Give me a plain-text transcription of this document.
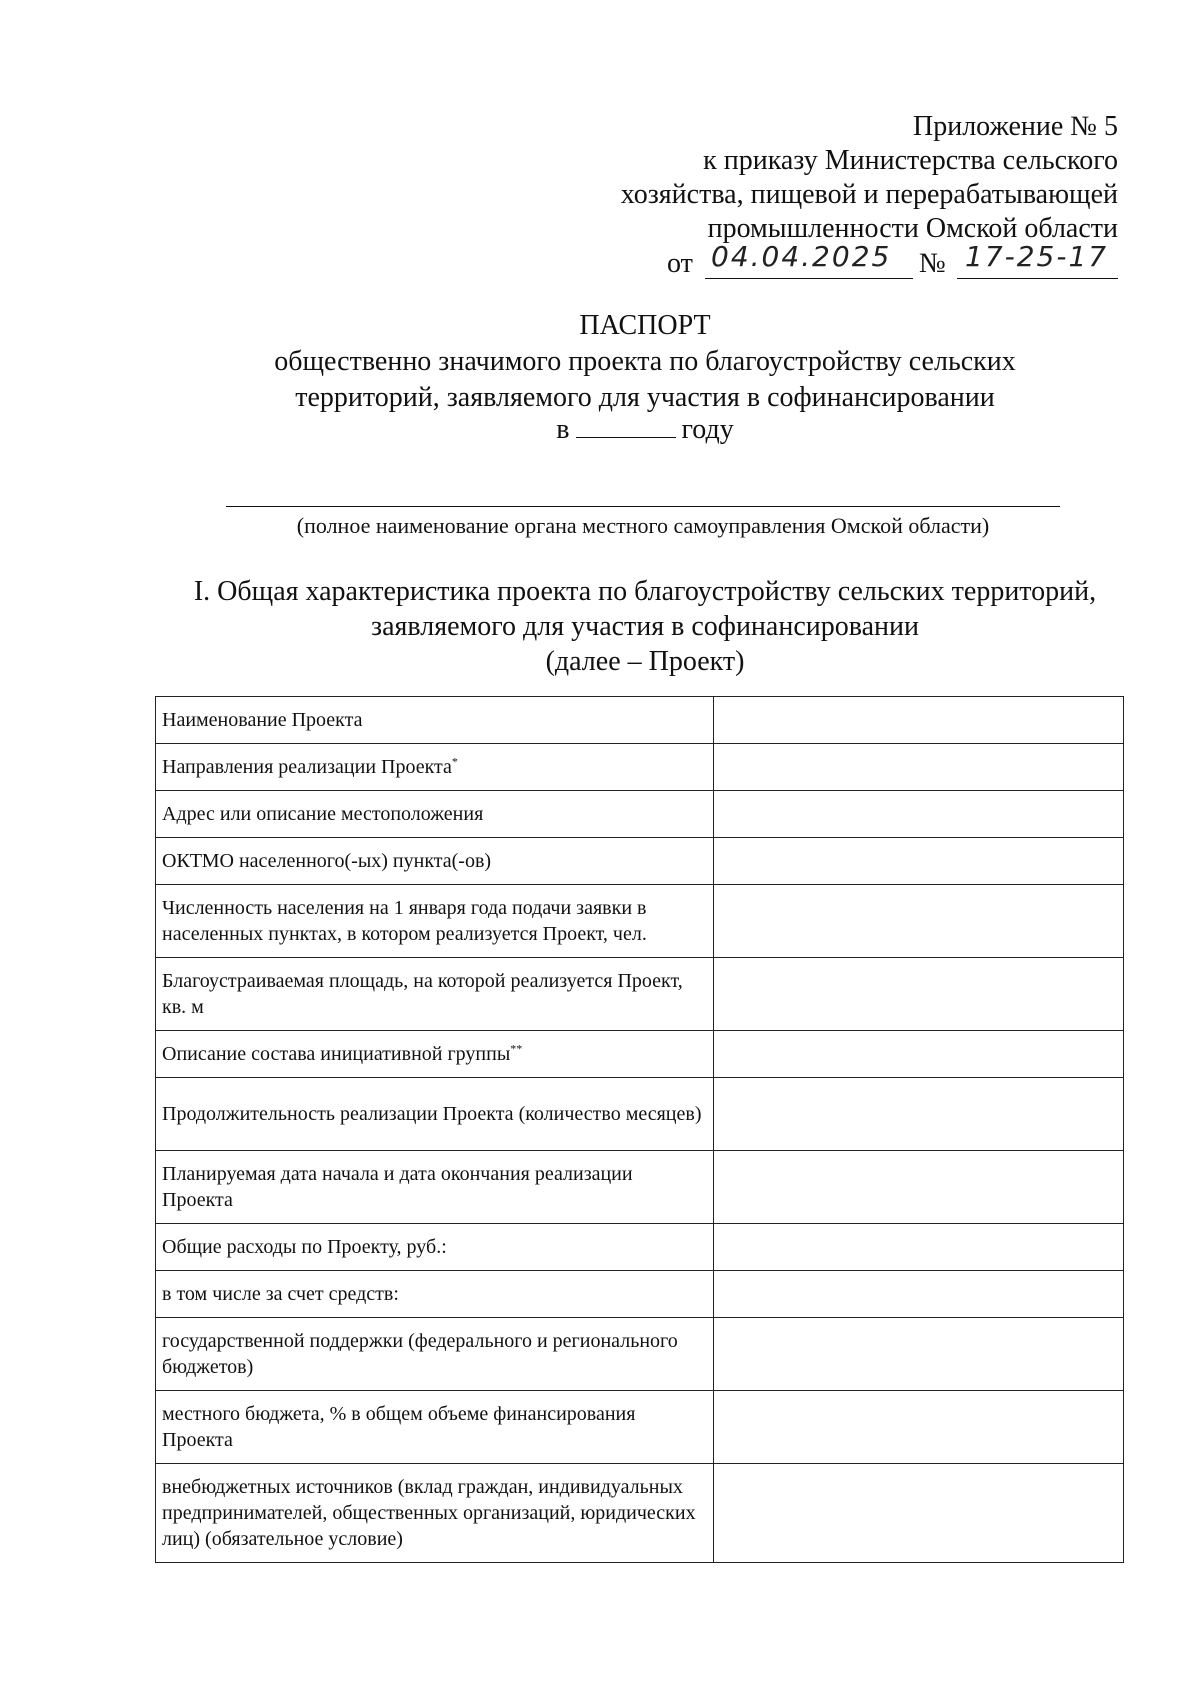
Приложение № 5
к приказу Министерства сельского
хозяйства, пищевой и перерабатывающей
промышленности Омской области
от 04.04.2025 № 17-25-17
ПАСПОРТ
общественно значимого проекта по благоустройству сельских
территорий, заявляемого для участия в софинансировании
в	году
(полное наименование органа местного самоуправления Омской области)
I. Общая характеристика проекта по благоустройству сельских территорий,
заявляемого для участия в софинансировании
(далее – Проект)
Наименование Проекта	
Направления реализации Проекта*	
Адрес или описание местоположения	
ОКТМО населенного(-ых) пункта(-ов)	
Численность населения на 1 января года подачи заявки в населенных пунктах, в котором реализуется Проект, чел.	
Благоустраиваемая площадь, на которой реализуется Проект, кв. м	
Описание состава инициативной группы**	
Продолжительность реализации Проекта (количество месяцев)	
Планируемая дата начала и дата окончания реализации Проекта	
Общие расходы по Проекту, руб.:	
в том числе за счет средств:	
государственной поддержки (федерального и регионального бюджетов)	
местного бюджета, % в общем объеме финансирования Проекта	
внебюджетных источников (вклад граждан, индивидуальных предпринимателей, общественных организаций, юридических лиц) (обязательное условие)	
